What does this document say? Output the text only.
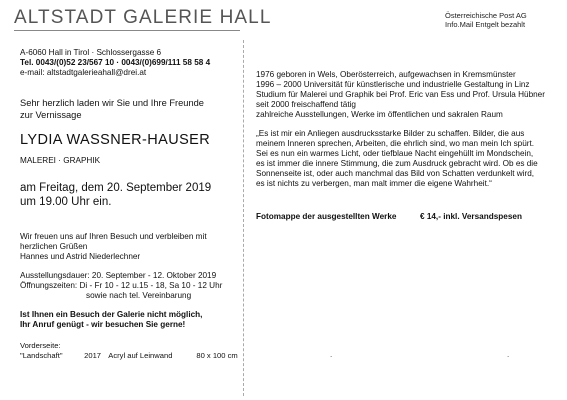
ALTSTADT GALERIE HALL	Österreichische Post AG
Info.Mail Entgelt bezahlt
A-6060 Hall in Tirol · Schlossergasse 6
Tel. 0043/(0)52 23/567 10 · 0043/(0)699/111 58 58 4
e-mail: altstadtgalerieahall@drei.at
Sehr herzlich laden wir Sie und Ihre Freunde
zur Vernissage
LYDIA WASSNER-HAUSER
MALEREI · GRAPHIK
am Freitag, dem 20. September 2019
um 19.00 Uhr ein.
Wir freuen uns auf Ihren Besuch und verbleiben mit
herzlichen Grüßen
Hannes und Astrid Niederlechner
Ausstellungsdauer: 20. September - 12. Oktober 2019
Öffnungszeiten: Di - Fr 10 - 12 u.15 - 18, Sa 10 - 12 Uhr
sowie nach tel. Vereinbarung
Ist Ihnen ein Besuch der Galerie nicht möglich,
Ihr Anruf genügt - wir besuchen Sie gerne!
Vorderseite:
"Landschaft"	2017 Acryl auf Leinwand	80 x 100 cm
1976 geboren in Wels, Oberösterreich, aufgewachsen in Kremsmünster
1996 – 2000 Universität für künstlerische und industrielle Gestaltung in Linz
Studium für Malerei und Graphik bei Prof. Eric van Ess und Prof. Ursula Hübner
seit 2000 freischaffend tätig
zahlreiche Ausstellungen, Werke im öffentlichen und sakralen Raum
„Es ist mir ein Anliegen ausdrucksstarke Bilder zu schaffen. Bilder, die aus
meinem Inneren sprechen, Arbeiten, die ehrlich sind, wo man mein Ich spürt.
Sei es nun ein warmes Licht, oder tiefblaue Nacht eingehüllt im Mondschein,
es ist immer die innere Stimmung, die zum Ausdruck gebracht wird. Ob es die
Sonnenseite ist, oder auch manchmal das Bild von Schatten verdunkelt wird,
es ist nichts zu verbergen, man malt immer die eigene Wahrheit.“
Fotomappe der ausgestellten Werke	€ 14,- inkl. Versandspesen
.	.
